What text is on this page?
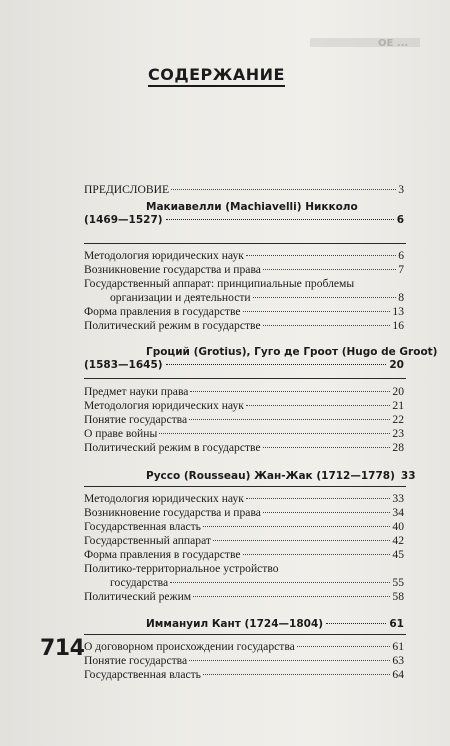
ОЕ ...
СОДЕРЖАНИЕ
ПРЕДИСЛОВИЕ	3
Макиавелли (Machiavelli) Никколо
(1469—1527)	6
Методология юридических наук	6
Возникновение государства и права	7
Государственный аппарат: принципиальные проблемы
организации и деятельности	8
Форма правления в государстве	13
Политический режим в государстве	16
Гроций (Grotius), Гуго де Гроот (Hugo de Groot)
(1583—1645)	20
Предмет науки права	20
Методология юридических наук	21
Понятие государства	22
О праве войны	23
Политический режим в государстве	28
Руссо (Rousseau) Жан-Жак (1712—1778) 33
Методология юридических наук	33
Возникновение государства и права	34
Государственная власть	40
Государственный аппарат	42
Форма правления в государстве	45
Политико-территориальное устройство
государства	55
Политический режим	58
Иммануил Кант (1724—1804)	61
О договорном происхождении государства	61
Понятие государства	63
Государственная власть	64
714
